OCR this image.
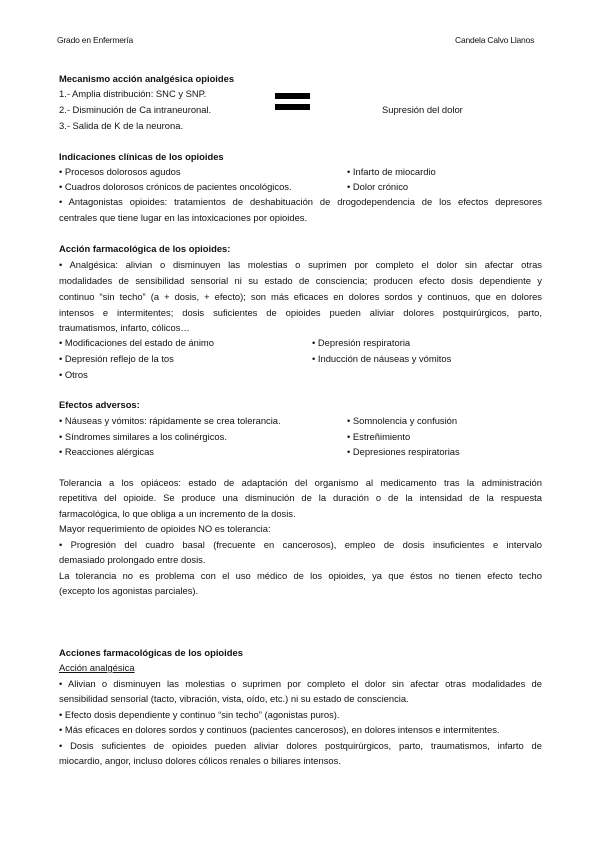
Grado en Enfermería	Candela Calvo Llanos
Mecanismo acción analgésica opioides
1.- Amplia distribución: SNC y SNP.
2.- Disminución de Ca intraneuronal.
3.- Salida de K de la neurona.
Supresión del dolor
Indicaciones clínicas de los opioides
• Procesos dolorosos agudos
• Cuadros dolorosos crónicos de pacientes oncológicos.
• Infarto de miocardio
• Dolor crónico
• Antagonistas opioides: tratamientos de deshabituación de drogodependencia de los efectos depresores
centrales que tiene lugar en las intoxicaciones por opioides.
Acción farmacológica de los opioides:
• Analgésica: alivian o disminuyen las molestias o suprimen por completo el dolor sin afectar otras
modalidades de sensibilidad sensorial ni su estado de consciencia; producen efecto dosis dependiente y
continuo “sin techo” (a + dosis, + efecto); son más eficaces en dolores sordos y continuos, que en dolores
intensos e intermitentes; dosis suficientes de opioides pueden aliviar dolores postquirúrgicos, parto,
traumatismos, infarto, cólicos…
• Modificaciones del estado de ánimo
• Depresión reflejo de la tos
• Otros
• Depresión respiratoria
• Inducción de náuseas y vómitos
Efectos adversos:
• Náuseas y vómitos: rápidamente se crea tolerancia.
• Síndromes similares a los colinérgicos.
• Reacciones alérgicas
• Somnolencia y confusión
• Estreñimiento
• Depresiones respiratorias
Tolerancia a los opiáceos: estado de adaptación del organismo al medicamento tras la administración
repetitiva del opioide. Se produce una disminución de la duración o de la intensidad de la respuesta
farmacológica, lo que obliga a un incremento de la dosis.
Mayor requerimiento de opioides NO es tolerancia:
• Progresión del cuadro basal (frecuente en cancerosos), empleo de dosis insuficientes e intervalo
demasiado prolongado entre dosis.
La tolerancia no es problema con el uso médico de los opioides, ya que éstos no tienen efecto techo
(excepto los agonistas parciales).
Acciones farmacológicas de los opioides
Acción analgésica
• Alivian o disminuyen las molestias o suprimen por completo el dolor sin afectar otras modalidades de
sensibilidad sensorial (tacto, vibración, vista, oído, etc.) ni su estado de consciencia.
• Efecto dosis dependiente y continuo “sin techo” (agonistas puros).
• Más eficaces en dolores sordos y continuos (pacientes cancerosos), en dolores intensos e intermitentes.
• Dosis suficientes de opioides pueden aliviar dolores postquirúrgicos, parto, traumatismos, infarto de
miocardio, angor, incluso dolores cólicos renales o biliares intensos.
